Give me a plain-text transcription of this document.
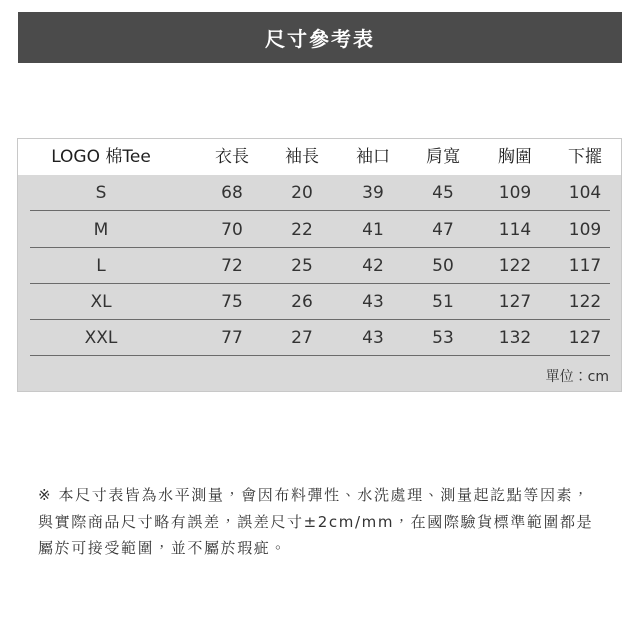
尺寸參考表
LOGO 棉Tee	衣長	袖長	袖口	肩寬	胸圍	下擺
S	68	20	39	45	109	104
M	70	22	41	47	114	109
L	72	25	42	50	122	117
XL	75	26	43	51	127	122
XXL	77	27	43	53	132	127
單位：cm
※ 本尺寸表皆為水平測量，會因布料彈性、水洗處理、測量起訖點等因素，
與實際商品尺寸略有誤差，誤差尺寸±2cm/mm，在國際驗貨標準範圍都是
屬於可接受範圍，並不屬於瑕疵。
